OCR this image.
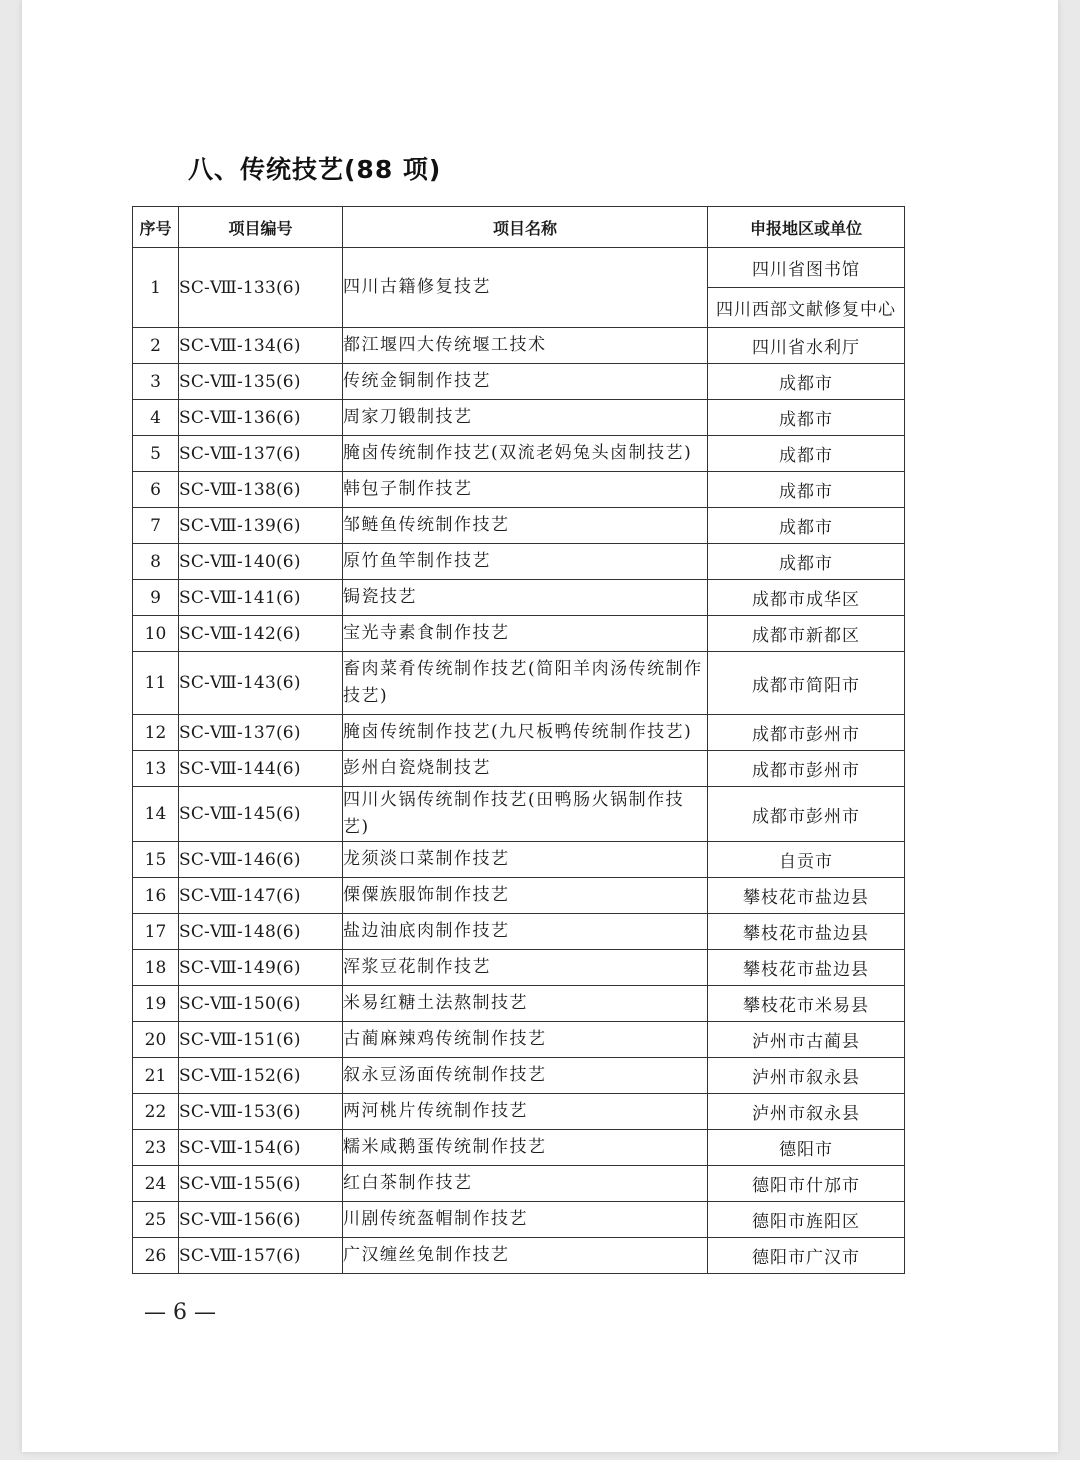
八、传统技艺(88 项)
序号	项目编号	项目名称	申报地区或单位
1	SC-Ⅷ-133(6)	四川古籍修复技艺	四川省图书馆
			四川西部文献修复中心
2	SC-Ⅷ-134(6)	都江堰四大传统堰工技术	四川省水利厅
3	SC-Ⅷ-135(6)	传统金铜制作技艺	成都市
4	SC-Ⅷ-136(6)	周家刀锻制技艺	成都市
5	SC-Ⅷ-137(6)	腌卤传统制作技艺(双流老妈兔头卤制技艺)	成都市
6	SC-Ⅷ-138(6)	韩包子制作技艺	成都市
7	SC-Ⅷ-139(6)	邹鲢鱼传统制作技艺	成都市
8	SC-Ⅷ-140(6)	原竹鱼竿制作技艺	成都市
9	SC-Ⅷ-141(6)	锔瓷技艺	成都市成华区
10	SC-Ⅷ-142(6)	宝光寺素食制作技艺	成都市新都区
11	SC-Ⅷ-143(6)	畜肉菜肴传统制作技艺(简阳羊肉汤传统制作技艺)	成都市简阳市
12	SC-Ⅷ-137(6)	腌卤传统制作技艺(九尺板鸭传统制作技艺)	成都市彭州市
13	SC-Ⅷ-144(6)	彭州白瓷烧制技艺	成都市彭州市
14	SC-Ⅷ-145(6)	四川火锅传统制作技艺(田鸭肠火锅制作技艺)	成都市彭州市
15	SC-Ⅷ-146(6)	龙须淡口菜制作技艺	自贡市
16	SC-Ⅷ-147(6)	傈僳族服饰制作技艺	攀枝花市盐边县
17	SC-Ⅷ-148(6)	盐边油底肉制作技艺	攀枝花市盐边县
18	SC-Ⅷ-149(6)	浑浆豆花制作技艺	攀枝花市盐边县
19	SC-Ⅷ-150(6)	米易红糖土法熬制技艺	攀枝花市米易县
20	SC-Ⅷ-151(6)	古蔺麻辣鸡传统制作技艺	泸州市古蔺县
21	SC-Ⅷ-152(6)	叙永豆汤面传统制作技艺	泸州市叙永县
22	SC-Ⅷ-153(6)	两河桃片传统制作技艺	泸州市叙永县
23	SC-Ⅷ-154(6)	糯米咸鹅蛋传统制作技艺	德阳市
24	SC-Ⅷ-155(6)	红白茶制作技艺	德阳市什邡市
25	SC-Ⅷ-156(6)	川剧传统盔帽制作技艺	德阳市旌阳区
26	SC-Ⅷ-157(6)	广汉缠丝兔制作技艺	德阳市广汉市
— 6 —
